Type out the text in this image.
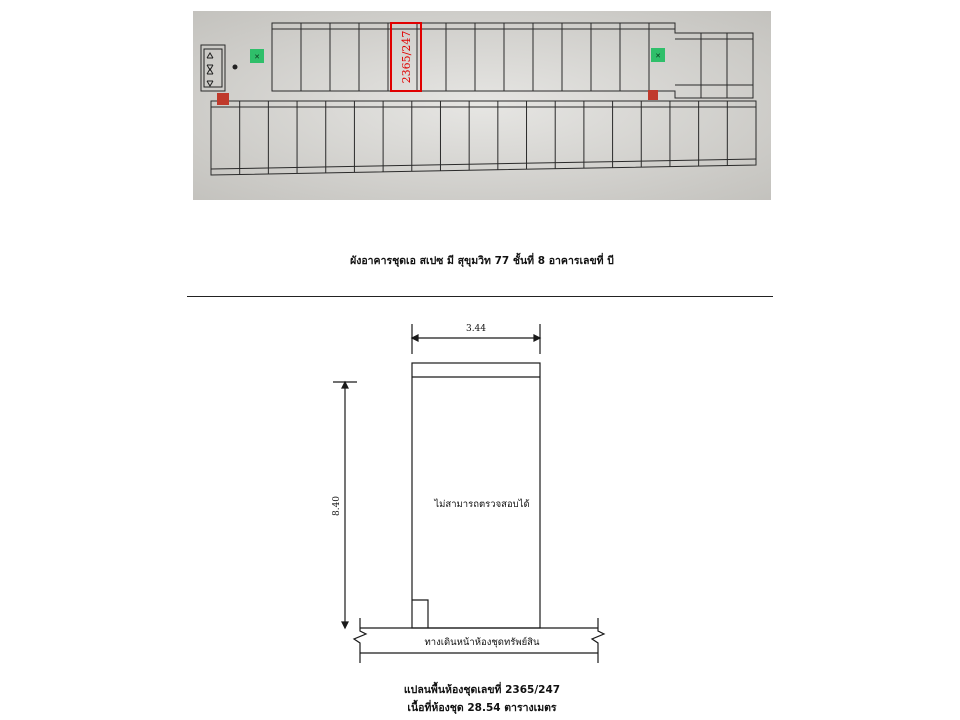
✕	✕
2365/247
ผังอาคารชุดเอ สเปซ มี สุขุมวิท 77 ชั้นที่ 8 อาคารเลขที่ บี
3.44
8.40	ไม่สามารถตรวจสอบได้
ทางเดินหน้าห้องชุดทรัพย์สิน
แปลนพื้นห้องชุดเลขที่ 2365/247
เนื้อที่ห้องชุด 28.54 ตารางเมตร
